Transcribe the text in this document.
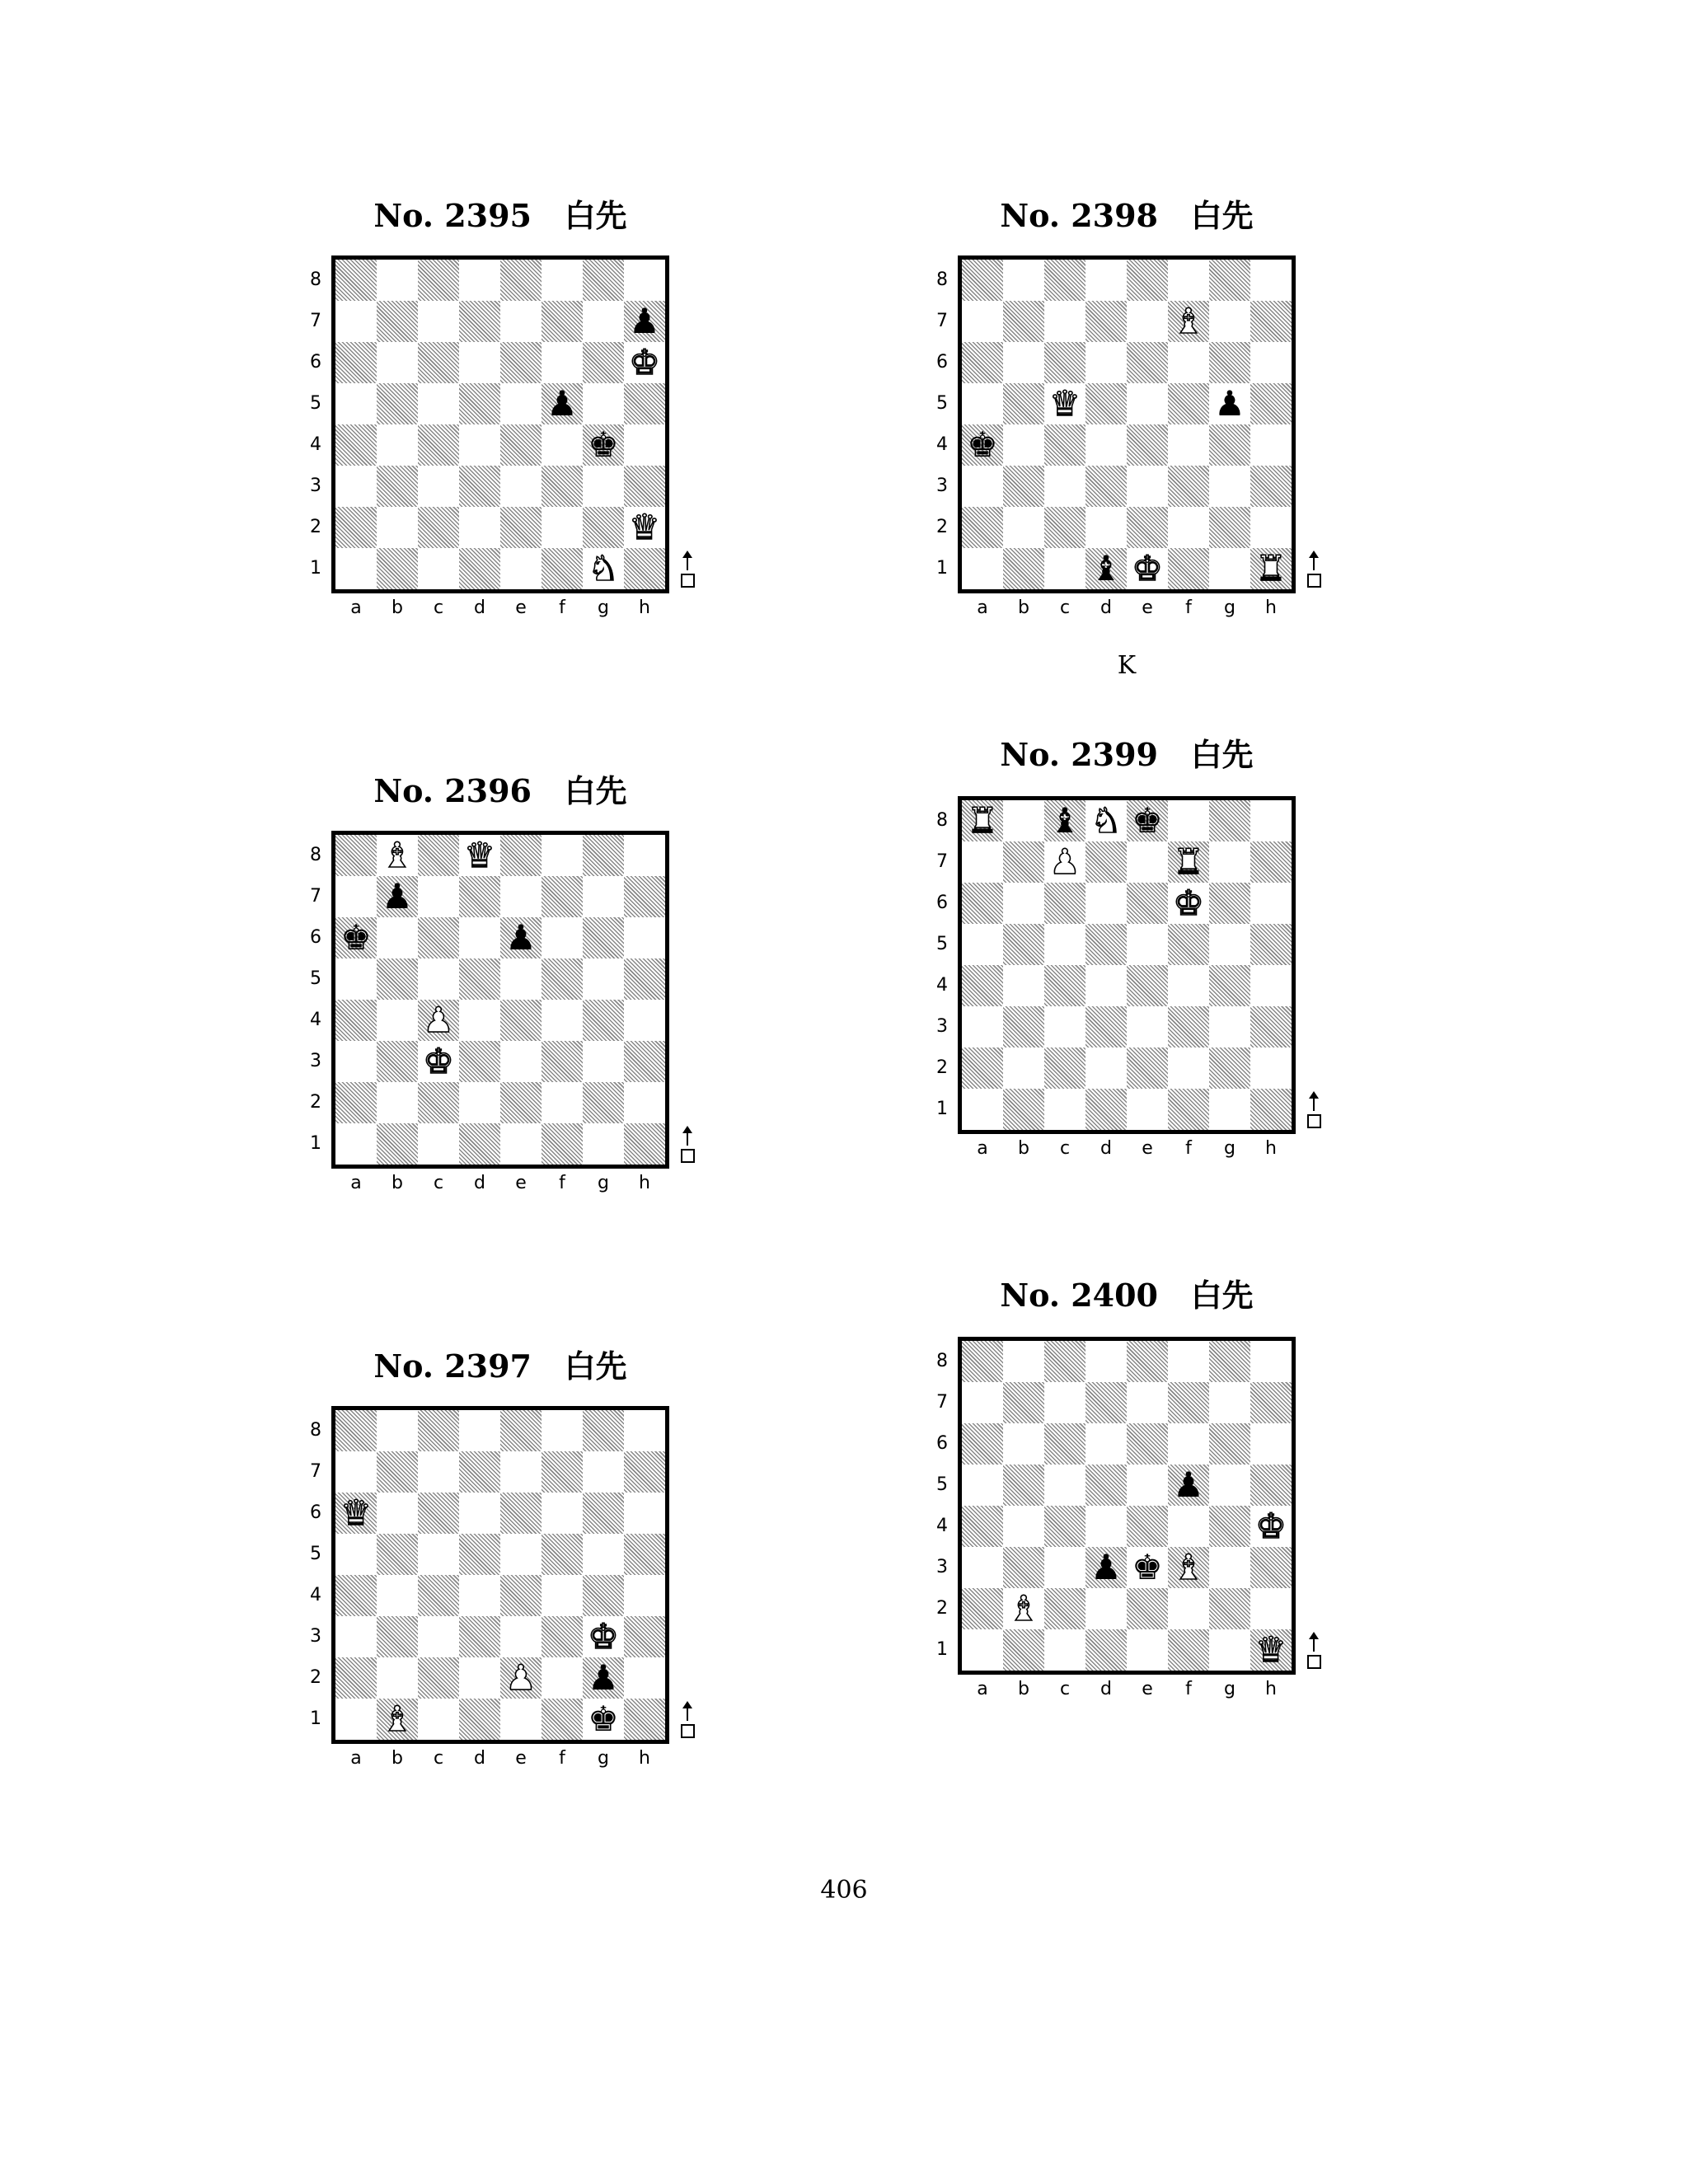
406
No. 2395   白先
♟
♚
♟
♚
♛
♞
8
7
6
5
4
3
2
1
a	b	c	d	e	f	g	h
No. 2398   白先
♝
♛	♟
♚
♝ ♚	♜
8
7
6
5
4
3
2
1
a	b	c	d	e	f	g	h
K
No. 2396   白先
♝ ♛
♟
♚	♟
♟
♚
8
7
6
5
4
3
2
1
a	b	c	d	e	f	g	h
No. 2399   白先
♜ ♝ ♞ ♚
♟	♜
♚
8
7
6
5
4
3
2
1
a	b	c	d	e	f	g	h
No. 2397   白先
♛
♚
♟ ♟
♝	♚
8
7
6
5
4
3
2
1
a	b	c	d	e	f	g	h
No. 2400   白先
♟
♚
♟ ♚ ♝
♝
♛
8
7
6
5
4
3
2
1
a	b	c	d	e	f	g	h
